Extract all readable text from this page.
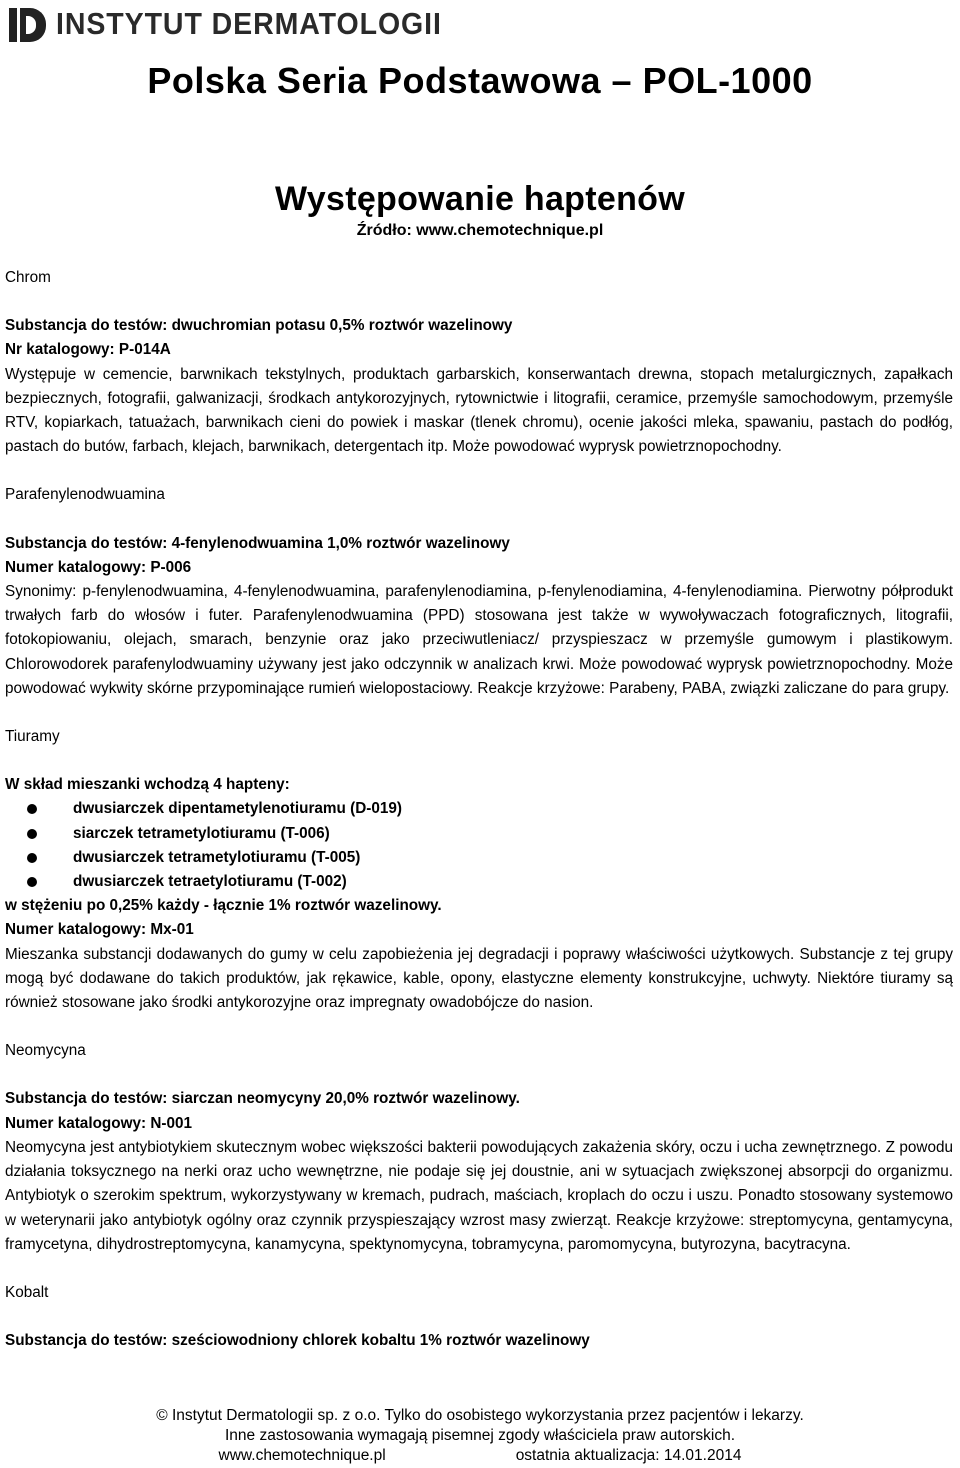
INSTYTUT DERMATOLOGII
Polska Seria Podstawowa – POL-1000
Występowanie haptenów
Źródło: www.chemotechnique.pl
Chrom
Substancja do testów: dwuchromian potasu 0,5% roztwór wazelinowy
Nr katalogowy: P-014A
Występuje w cemencie, barwnikach tekstylnych, produktach garbarskich, konserwantach drewna, stopach metalurgicznych, zapałkach bezpiecznych, fotografii, galwanizacji, środkach antykorozyjnych, rytownictwie i litografii, ceramice, przemyśle samochodowym, przemyśle RTV, kopiarkach, tatuażach, barwnikach cieni do powiek i maskar (tlenek chromu), ocenie jakości mleka, spawaniu, pastach do podłóg, pastach do butów, farbach, klejach, barwnikach, detergentach itp. Może powodować wyprysk powietrznopochodny.
Parafenylenodwuamina
Substancja do testów: 4-fenylenodwuamina 1,0% roztwór wazelinowy
Numer katalogowy: P-006
Synonimy: p-fenylenodwuamina, 4-fenylenodwuamina, parafenylenodiamina, p-fenylenodiamina, 4-fenylenodiamina. Pierwotny półprodukt trwałych farb do włosów i futer. Parafenylenodwuamina (PPD) stosowana jest także w wywoływaczach fotograficznych, litografii, fotokopiowaniu, olejach, smarach, benzynie oraz jako przeciwutleniacz/ przyspieszacz w przemyśle gumowym i plastikowym. Chlorowodorek parafenylodwuaminy używany jest jako odczynnik w analizach krwi. Może powodować wyprysk powietrznopochodny. Może powodować wykwity skórne przypominające rumień wielopostaciowy. Reakcje krzyżowe: Parabeny, PABA, związki zaliczane do para grupy.
Tiuramy
W skład mieszanki wchodzą 4 hapteny:
dwusiarczek dipentametylenotiuramu (D-019)
siarczek tetrametylotiuramu (T-006)
dwusiarczek tetrametylotiuramu (T-005)
dwusiarczek tetraetylotiuramu (T-002)
w stężeniu po 0,25% każdy - łącznie 1% roztwór wazelinowy.
Numer katalogowy: Mx-01
Mieszanka substancji dodawanych do gumy w celu zapobieżenia jej degradacji i poprawy właściwości użytkowych. Substancje z tej grupy mogą być dodawane do takich produktów, jak rękawice, kable, opony, elastyczne elementy konstrukcyjne, uchwyty. Niektóre tiuramy są również stosowane jako środki antykorozyjne oraz impregnaty owadobójcze do nasion.
Neomycyna
Substancja do testów: siarczan neomycyny 20,0% roztwór wazelinowy.
Numer katalogowy: N-001
Neomycyna jest antybiotykiem skutecznym wobec większości bakterii powodujących zakażenia skóry, oczu i ucha zewnętrznego. Z powodu działania toksycznego na nerki oraz ucho wewnętrzne, nie podaje się jej doustnie, ani w sytuacjach zwiększonej absorpcji do organizmu. Antybiotyk o szerokim spektrum, wykorzystywany w kremach, pudrach, maściach, kroplach do oczu i uszu. Ponadto stosowany systemowo w weterynarii jako antybiotyk ogólny oraz czynnik przyspieszający wzrost masy zwierząt. Reakcje krzyżowe: streptomycyna, gentamycyna, framycetyna, dihydrostreptomycyna, kanamycyna, spektynomycyna, tobramycyna, paromomycyna, butyrozyna, bacytracyna.
Kobalt
Substancja do testów: sześciowodniony chlorek kobaltu 1% roztwór wazelinowy
© Instytut Dermatologii sp. z o.o. Tylko do osobistego wykorzystania przez pacjentów i lekarzy.
Inne zastosowania wymagają pisemnej zgody właściciela praw autorskich.
www.chemotechnique.pl	ostatnia aktualizacja: 14.01.2014
